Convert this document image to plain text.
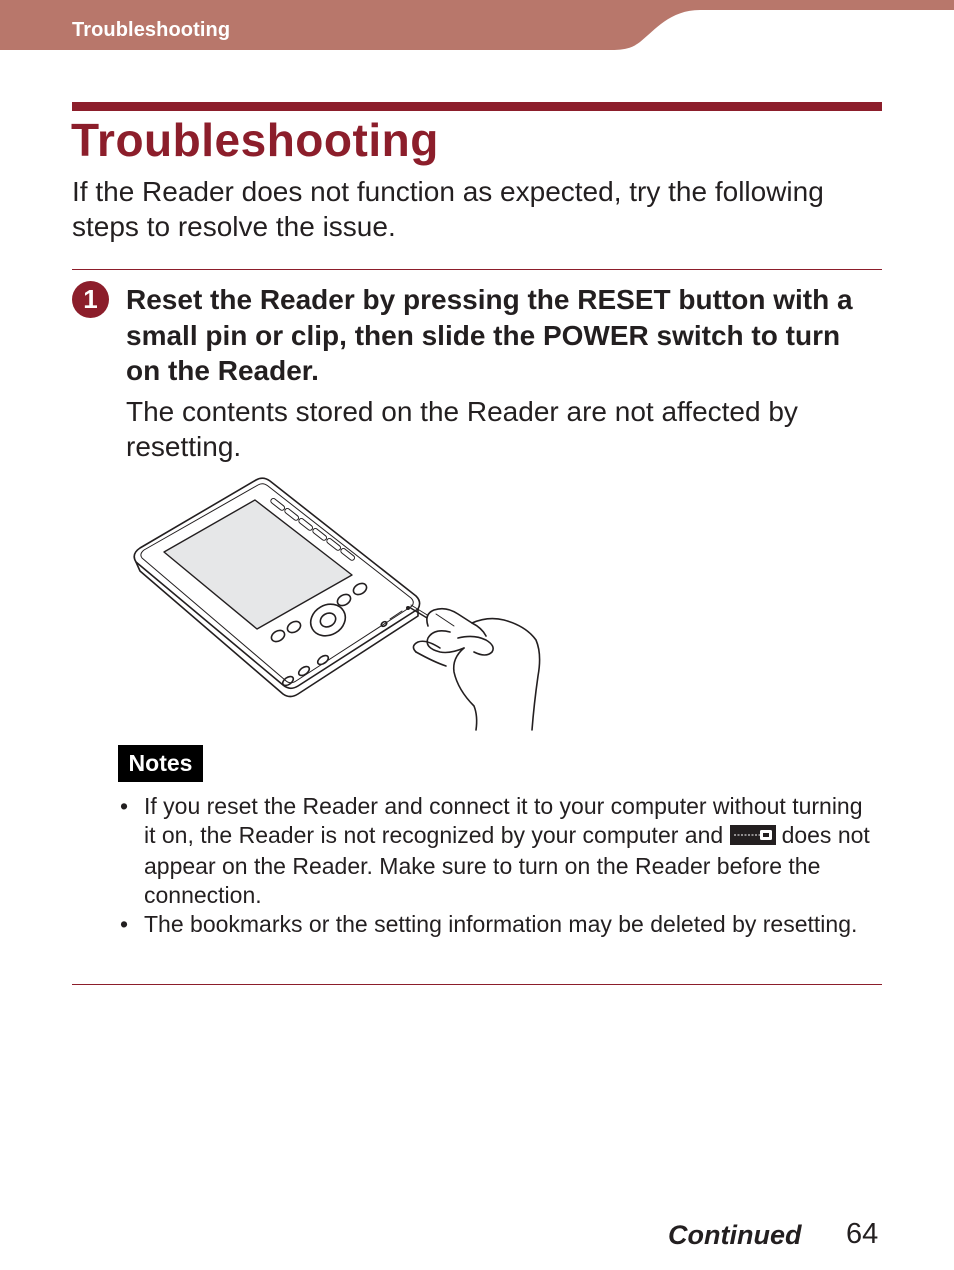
Troubleshooting
Troubleshooting

If the Reader does not function as expected, try the following steps to resolve the issue.

1	Reset the Reader by pressing the RESET button with a small pin or clip, then slide the POWER switch to turn on the Reader.
The contents stored on the Reader are not affected by resetting.
Notes
• If you reset the Reader and connect it to your computer without turning it on, the Reader is not recognized by your computer and	does not appear on the Reader. Make sure to turn on the Reader before the connection.
• The bookmarks or the setting information may be deleted by resetting.
Continued 64
